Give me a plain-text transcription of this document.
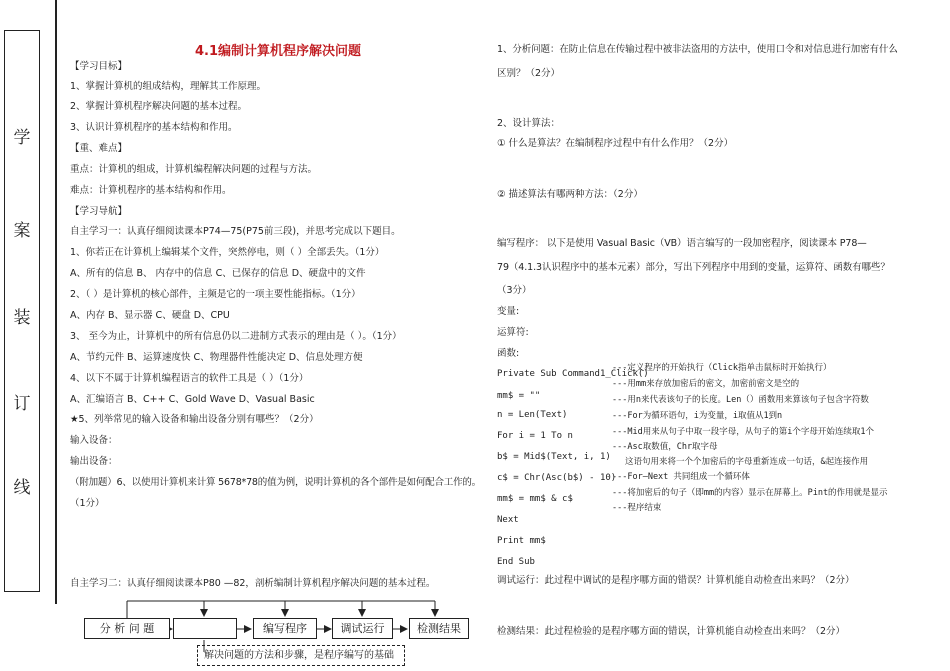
学
案
装
订
线
4.1编制计算机程序解决问题
【学习目标】
1、掌握计算机的组成结构，理解其工作原理。
2、掌握计算机程序解决问题的基本过程。
3、认识计算机程序的基本结构和作用。
【重、难点】
重点：计算机的组成，计算机编程解决问题的过程与方法。
难点：计算机程序的基本结构和作用。
【学习导航】
自主学习一：认真仔细阅读课本P74—75(P75前三段)，并思考完成以下题目。
1、你若正在计算机上编辑某个文件，突然停电，则（ ）全部丢失。（1分）
A、所有的信息 B、 内存中的信息 C、已保存的信息 D、硬盘中的文件
2、（ ）是计算机的核心部件，主频是它的一项主要性能指标。（1分）
A、内存 B、显示器 C、硬盘 D、CPU
3、 至今为止，计算机中的所有信息仍以二进制方式表示的理由是（ ）。（1分）
A、节约元件 B、运算速度快 C、物理器件性能决定 D、信息处理方便
4、以下不属于计算机编程语言的软件工具是（ ）（1分）
A、汇编语言 B、C++ C、Gold Wave D、Vasual Basic
★5、列举常见的输入设备和输出设备分别有哪些？（2分）
输入设备：
输出设备：
（附加题）6、以使用计算机来计算 5678*78的值为例，说明计算机的各个部件是如何配合工作的。
（1分）
自主学习二：认真仔细阅读课本P80 —82，剖析编制计算机程序解决问题的基本过程。
分 析 问 题	编写程序	调试运行	检测结果
解决问题的方法和步骤，是程序编写的基础
1、分析问题：在防止信息在传输过程中被非法盗用的方法中，使用口令和对信息进行加密有什么
区别？（2分）
2、设计算法：
① 什么是算法？在编制程序过程中有什么作用？（2分）
② 描述算法有哪两种方法：（2分）
编写程序： 以下是使用 Vasual Basic（VB）语言编写的一段加密程序，阅读课本 P78—
79（4.1.3认识程序中的基本元素）部分，写出下列程序中用到的变量，运算符、函数有哪些？
（3分）
变量:
运算符:
函数:
Private Sub Command1_Click()
mm$ = ""
n = Len(Text)
For i = 1 To n
b$ = Mid$(Text, i, 1)
c$ = Chr(Asc(b$) - 10)
mm$ = mm$ & c$
Next
Print mm$
End Sub
---定义程序的开始执行（Click指单击鼠标时开始执行）
---用mm来存放加密后的密文，加密前密文是空的
---用n来代表该句子的长度。Len（）函数用来算该句子包含字符数
---For为循环语句，i为变量，i取值从1到n
---Mid用来从句子中取一段字母，从句子的第i个字母开始连续取1个
---Asc取数值，Chr取字母
这语句用来将一个个加密后的字母重新连成一句话，&起连接作用
---For—Next 共同组成一个循环体
---将加密后的句子（即mm的内容）显示在屏幕上。Pint的作用就是显示
---程序结束
调试运行：此过程中调试的是程序哪方面的错误？计算机能自动检查出来吗？（2分）
检测结果：此过程检验的是程序哪方面的错误，计算机能自动检查出来吗？（2分）
